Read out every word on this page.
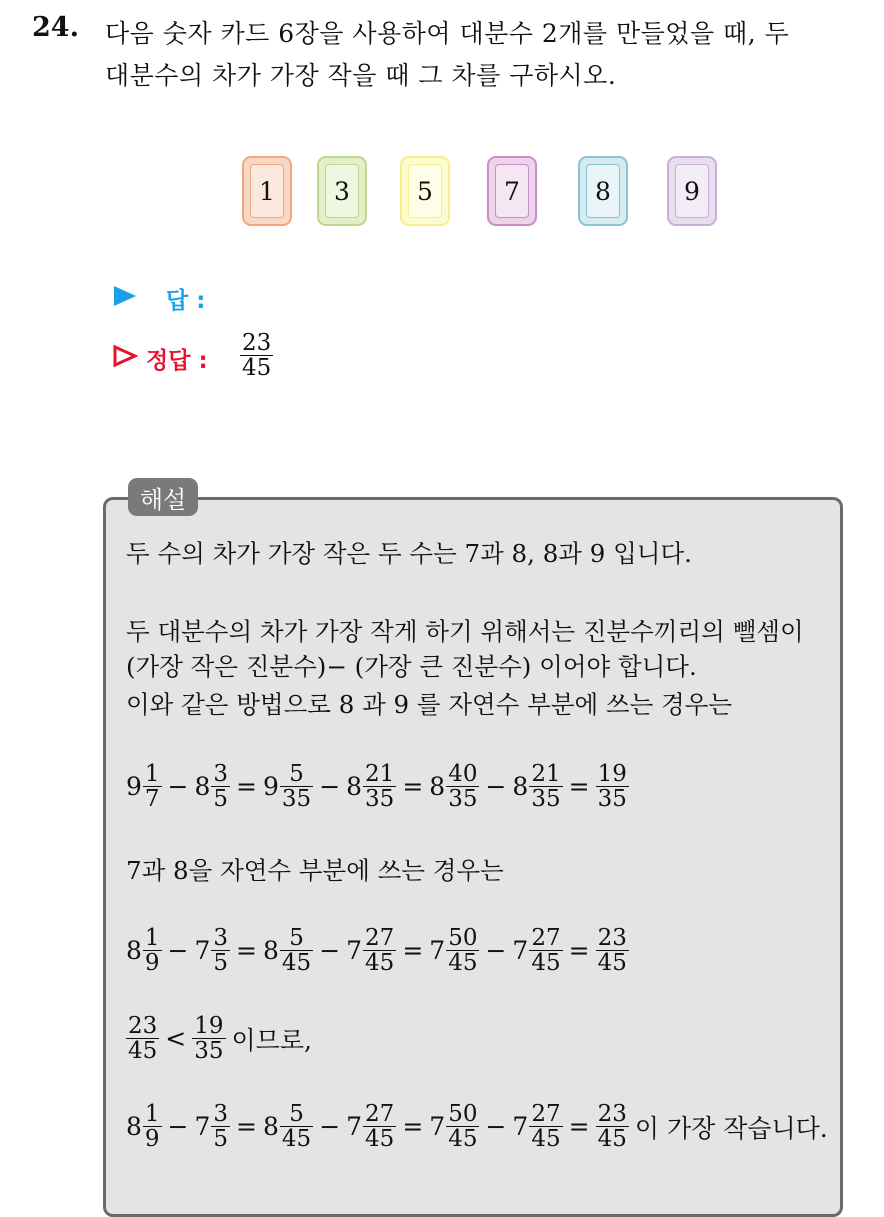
24. 다음 숫자 카드 6장을 사용하여 대분수 2개를 만들었을 때, 두
대분수의 차가 가장 작을 때 그 차를 구하시오.
1	3	5	7	8	9
답 :
정답 : $\frac{23}{45}$
해설
두 수의 차가 가장 작은 두 수는 7과 8, 8과 9 입니다.
두 대분수의 차가 가장 작게 하기 위해서는 진분수끼리의 뺄셈이
(가장 작은 진분수)− (가장 큰 진분수) 이어야 합니다.
이와 같은 방법으로 8 과 9 를 자연수 부분에 쓰는 경우는
$9 \frac{1}{7} - 8 \frac{3}{5} = 9 \frac{5}{35} - 8 \frac{21}{35} = 8 \frac{40}{35} - 8 \frac{21}{35} = \frac{19}{35}$
7과 8을 자연수 부분에 쓰는 경우는
$8 \frac{1}{9} - 7 \frac{3}{5} = 8 \frac{5}{45} - 7 \frac{27}{45} = 7 \frac{50}{45} - 7 \frac{27}{45} = \frac{23}{45}$
$\frac{23}{45} < \frac{19}{35}$ 이므로,
$8 \frac{1}{9} - 7 \frac{3}{5} = 8 \frac{5}{45} - 7 \frac{27}{45} = 7 \frac{50}{45} - 7 \frac{27}{45} = \frac{23}{45}$ 이 가장 작습니다.
